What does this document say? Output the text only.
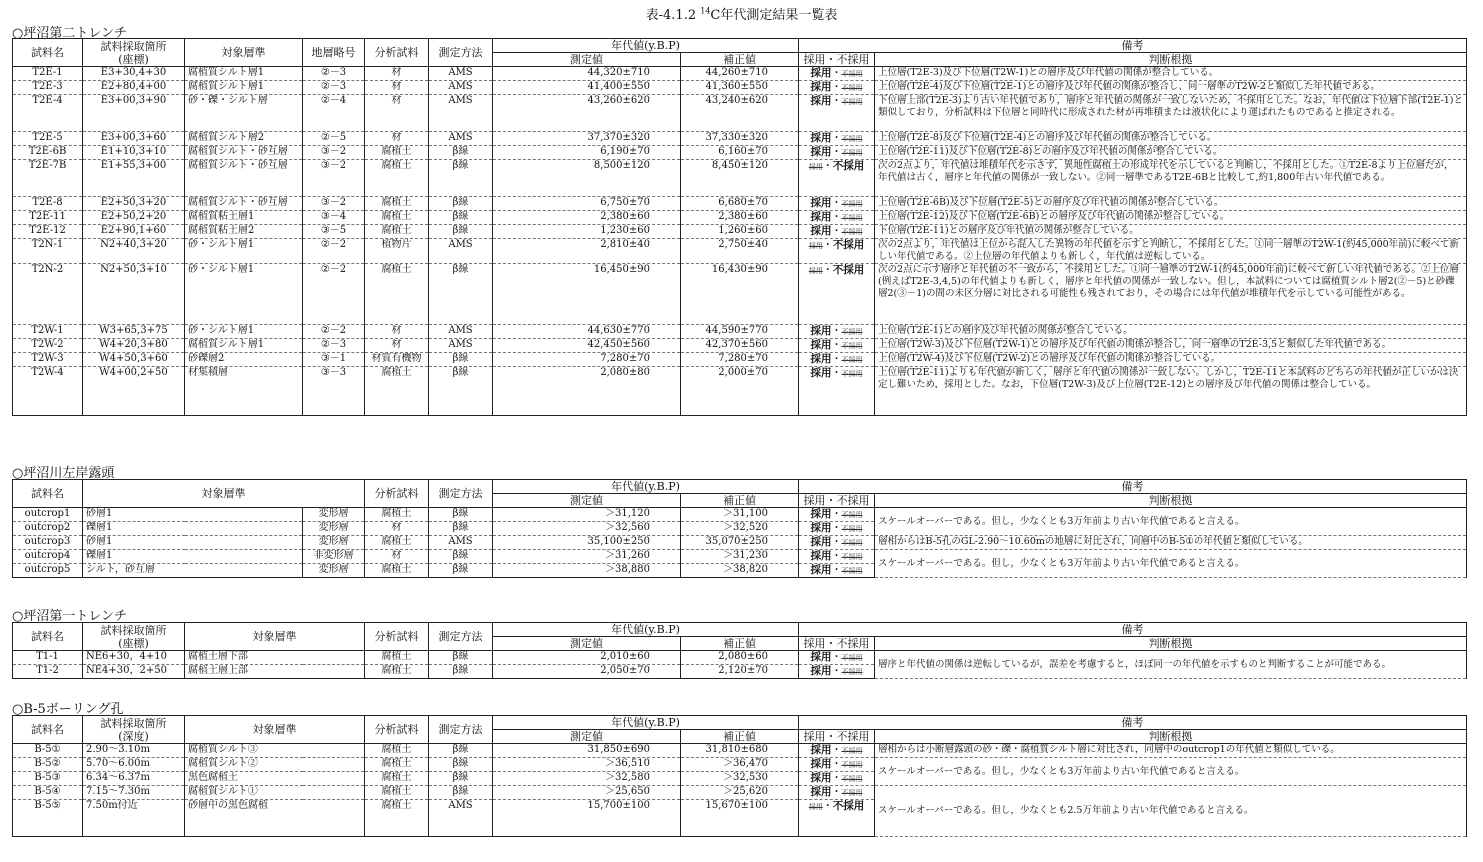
表-4.1.2 $^{14}$C年代測定結果一覧表
○坪沼第二トレンチ
試料名	試料採取箇所
(座標)	対象層準	地層略号	分析試料	測定方法	年代値(y.B.P)		備考	
						測定値	補正値	採用・不採用	判断根拠
T2E-1	E3+30,4+30	腐植質シルト層1	②－3	材	AMS	44,320±710	44,260±710	採用・不採用	上位層(T2E-3)及び下位層(T2W-1)との層序及び年代値の関係が整合している。
T2E-3	E2+80,4+00	腐植質シルト層1	②－3	材	AMS	41,400±550	41,360±550	採用・不採用	上位層(T2E-4)及び下位層(T2E-1)との層序及び年代値の関係が整合し、同一層準のT2W-2と類似した年代値である。
T2E-4	E3+00,3+90	砂・礫・シルト層	②－4	材	AMS	43,260±620	43,240±620	採用・不採用	下位層上部(T2E-3)より古い年代値であり，層序と年代値の関係が一致しないため，不採用とした。なお，年代値は下位層下部(T2E-1)と類似しており，分析試料は下位層と同時代に形成された材が再堆積または液状化により運ばれたものであると推定される。
T2E-5	E3+00,3+60	腐植質シルト層2	②－5	材	AMS	37,370±320	37,330±320	採用・不採用	上位層(T2E-8)及び下位層(T2E-4)との層序及び年代値の関係が整合している。
T2E-6B	E1+10,3+10	腐植質シルト・砂互層	③－2	腐植土	β線	6,190±70	6,160±70	採用・不採用	上位層(T2E-11)及び下位層(T2E-8)との層序及び年代値の関係が整合している。
T2E-7B	E1+55,3+00	腐植質シルト・砂互層	③－2	腐植土	β線	8,500±120	8,450±120	採用・不採用	次の2点より，年代値は堆積年代を示さず，異地性腐植土の形成年代を示していると判断し，不採用とした。①T2E-8より上位層だが，年代値は古く，層序と年代値の関係が一致しない。②同一層準であるT2E-6Bと比較して,約1,800年古い年代値である。
T2E-8	E2+50,3+20	腐植質シルト・砂互層	③－2	腐植土	β線	6,750±70	6,680±70	採用・不採用	上位層(T2E-6B)及び下位層(T2E-5)との層序及び年代値の関係が整合している。
T2E-11	E2+50,2+20	腐植質粘土層1	③－4	腐植土	β線	2,380±60	2,380±60	採用・不採用	上位層(T2E-12)及び下位層(T2E-6B)との層序及び年代値の関係が整合している。
T2E-12	E2+90,1+60	腐植質粘土層2	③－5	腐植土	β線	1,230±60	1,260±60	採用・不採用	下位層(T2E-11)との層序及び年代値の関係が整合している。
T2N-1	N2+40,3+20	砂・シルト層1	②－2	植物片	AMS	2,810±40	2,750±40	採用・不採用	次の2点より，年代値は上位から混入した異物の年代値を示すと判断し，不採用とした。①同一層準のT2W-1(約45,000年前)に較べて新しい年代値である。②上位層の年代値よりも新しく，年代値は逆転している。
T2N-2	N2+50,3+10	砂・シルト層1	②－2	腐植土	β線	16,450±90	16,430±90	採用・不採用	次の2点に示す層序と年代値の不一致から，不採用とした。①同一層準のT2W-1(約45,000年前)に較べて新しい年代値である。②上位層(例えばT2E-3,4,5)の年代値よりも新しく，層序と年代値の関係が一致しない。但し，本試料については腐植質シルト層2(②－5)と砂礫層2(③－1)の間の未区分層に対比される可能性も残されており，その場合には年代値が堆積年代を示している可能性がある。
T2W-1	W3+65,3+75	砂・シルト層1	②－2	材	AMS	44,630±770	44,590±770	採用・不採用	上位層(T2E-1)との層序及び年代値の関係が整合している。
T2W-2	W4+20,3+80	腐植質シルト層1	②－3	材	AMS	42,450±560	42,370±560	採用・不採用	上位層(T2W-3)及び下位層(T2W-1)との層序及び年代値の関係が整合し，同一層準のT2E-3,5と類似した年代値である。
T2W-3	W4+50,3+60	砂礫層2	③－1	材質有機物	β線	7,280±70	7,280±70	採用・不採用	上位層(T2W-4)及び下位層(T2W-2)との層序及び年代値の関係が整合している。
T2W-4	W4+00,2+50	材集積層	③－3	腐植土	β線	2,080±80	2,000±70	採用・不採用	上位層(T2E-11)よりも年代値が新しく，層序と年代値の関係が一致しない。しかし，T2E-11と本試料のどちらの年代値が正しいかは決定し難いため，採用とした。なお，下位層(T2W-3)及び上位層(T2E-12)との層序及び年代値の関係は整合している。
○坪沼川左岸露頭
試料名	対象層準		分析試料	測定方法	年代値(y.B.P)		備考	
					測定値	補正値	採用・不採用	判断根拠
outcrop1	砂層1	変形層	腐植土	β線	＞31,120	＞31,100	採用・不採用	スケールオーバーである。但し，少なくとも3万年前より古い年代値であると言える。
outcrop2	礫層1	変形層	材	β線	＞32,560	＞32,520	採用・不採用	
outcrop3	砂層1	変形層	腐植土	AMS	35,100±250	35,070±250	採用・不採用	層相からはB-5孔のGL-2.90～10.60mの地層に対比され，同層中のB-5①の年代値と類似している。
outcrop4	礫層1	非変形層	材	β線	＞31,260	＞31,230	採用・不採用	スケールオーバーである。但し，少なくとも3万年前より古い年代値であると言える。
outcrop5	シルト，砂互層	変形層	腐植土	β線	＞38,880	＞38,820	採用・不採用	
○坪沼第一トレンチ
試料名	試料採取箇所
(座標)	対象層準	分析試料	測定方法	年代値(y.B.P)		備考	
					測定値	補正値	採用・不採用	判断根拠
T1-1	NE6+30，4+10	腐植土層下部	腐植土	β線	2,010±60	2,080±60	採用・不採用	層序と年代値の関係は逆転しているが，誤差を考慮すると，ほぼ同一の年代値を示すものと判断することが可能である。
T1-2	NE4+30，2+50	腐植土層上部	腐植土	β線	2,050±70	2,120±70	採用・不採用	
○B-5ボーリング孔
試料名	試料採取箇所
(深度)	対象層準	分析試料	測定方法	年代値(y.B.P)		備考	
					測定値	補正値	採用・不採用	判断根拠
B-5①	2.90～3.10m	腐植質シルト③	腐植土	β線	31,850±690	31,810±680	採用・不採用	層相からは小断層露頭の砂・礫・腐植質シルト層に対比され，同層中のoutcrop1の年代値と類似している。
B-5②	5.70～6.00m	腐植質シルト②	腐植土	β線	＞36,510	＞36,470	採用・不採用	スケールオーバーである。但し，少なくとも3万年前より古い年代値であると言える。
B-5③	6.34～6.37m	黒色腐植土	腐植土	β線	＞32,580	＞32,530	採用・不採用	
B-5④	7.15～7.30m	腐植質シルト①	腐植土	β線	＞25,650	＞25,620	採用・不採用	スケールオーバーである。但し，少なくとも2.5万年前より古い年代値であると言える。
B-5⑤	7.50m付近	砂層中の黒色腐植	腐植土	AMS	15,700±100	15,670±100	採用・不採用	
